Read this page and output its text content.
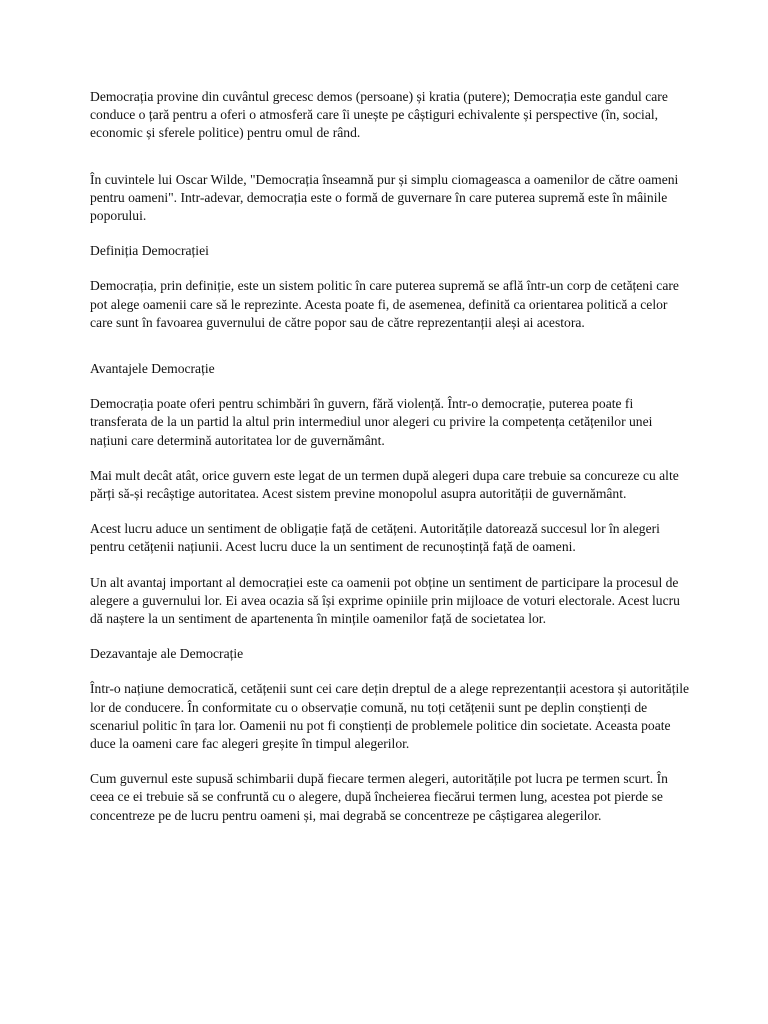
Democrația provine din cuvântul grecesc demos (persoane) și kratia (putere); Democrația este gandul care conduce o țară pentru a oferi o atmosferă care îi unește pe câștiguri echivalente și perspective (în, social, economic și sferele politice) pentru omul de rând.

În cuvintele lui Oscar Wilde, "Democrația înseamnă pur și simplu ciomageasca a oamenilor de către oameni pentru oameni". Intr-adevar, democrația este o formă de guvernare în care puterea supremă este în mâinile poporului.

Definiția Democrației

Democrația, prin definiție, este un sistem politic în care puterea supremă se află într-un corp de cetățeni care pot alege oamenii care să le reprezinte. Acesta poate fi, de asemenea, definită ca orientarea politică a celor care sunt în favoarea guvernului de către popor sau de către reprezentanții aleși ai acestora.

Avantajele Democrație

Democrația poate oferi pentru schimbări în guvern, fără violență. Într-o democrație, puterea poate fi transferata de la un partid la altul prin intermediul unor alegeri cu privire la competența cetățenilor unei națiuni care determină autoritatea lor de guvernământ.

Mai mult decât atât, orice guvern este legat de un termen după alegeri dupa care trebuie sa concureze cu alte părți să-și recâștige autoritatea. Acest sistem previne monopolul asupra autorității de guvernământ.

Acest lucru aduce un sentiment de obligație față de cetățeni. Autoritățile datorează succesul lor în alegeri pentru cetățenii națiunii. Acest lucru duce la un sentiment de recunoștință față de oameni.

Un alt avantaj important al democrației este ca oamenii pot obține un sentiment de participare la procesul de alegere a guvernului lor. Ei avea ocazia să își exprime opiniile prin mijloace de voturi electorale. Acest lucru dă naștere la un sentiment de apartenenta în mințile oamenilor față de societatea lor.

Dezavantaje ale Democrație

Într-o națiune democratică, cetățenii sunt cei care dețin dreptul de a alege reprezentanții acestora și autoritățile lor de conducere. În conformitate cu o observație comună, nu toți cetățenii sunt pe deplin conștienți de scenariul politic în țara lor. Oamenii nu pot fi conștienți de problemele politice din societate. Aceasta poate duce la oameni care fac alegeri greșite în timpul alegerilor.

Cum guvernul este supusă schimbarii după fiecare termen alegeri, autoritățile pot lucra pe termen scurt. În ceea ce ei trebuie să se confruntă cu o alegere, după încheierea fiecărui termen lung, acestea pot pierde se concentreze pe de lucru pentru oameni și, mai degrabă se concentreze pe câștigarea alegerilor.
